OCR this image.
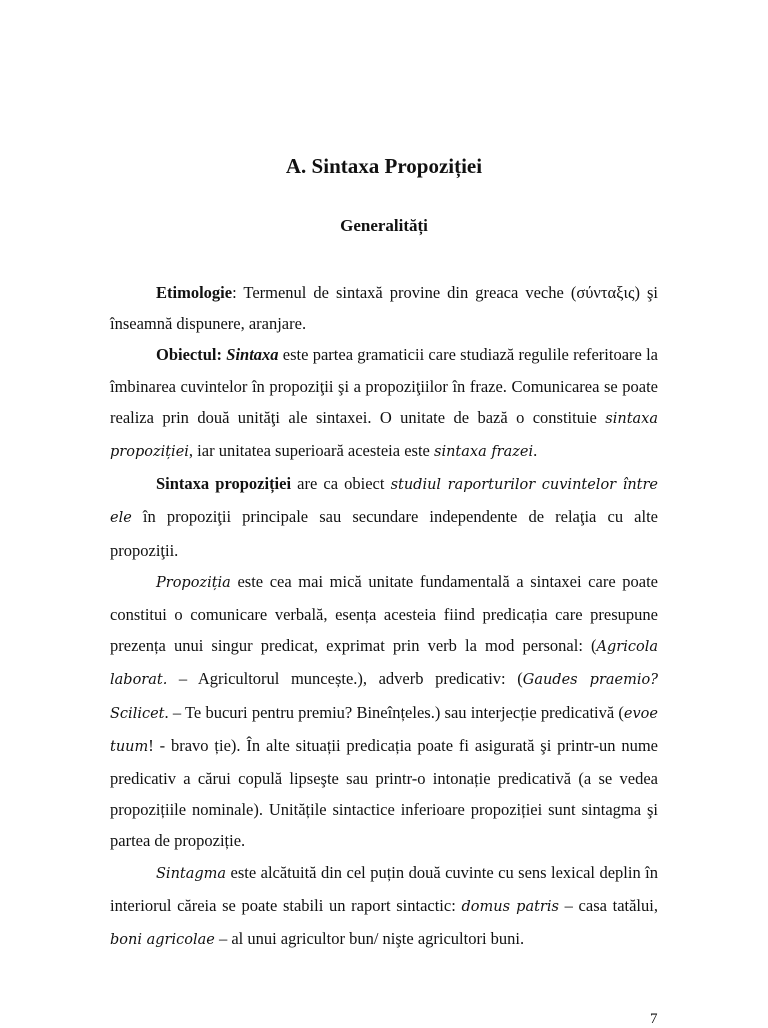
A. Sintaxa Propoziției
Generalități

Etimologie: Termenul de sintaxă provine din greaca veche (σύνταξις) şi înseamnă dispunere, aranjare.

Obiectul: Sintaxa este partea gramaticii care studiază regulile referitoare la îmbinarea cuvintelor în propoziţii şi a propoziţiilor în fraze. Comunicarea se poate realiza prin două unităţi ale sintaxei. O unitate de bază o constituie sintaxa propoziției, iar unitatea superioară acesteia este sintaxa frazei.

Sintaxa propoziției are ca obiect studiul raporturilor cuvintelor între ele în propoziţii principale sau secundare independente de relaţia cu alte propoziţii.

Propoziția este cea mai mică unitate fundamentală a sintaxei care poate constitui o comunicare verbală, esența acesteia fiind predicația care presupune prezența unui singur predicat, exprimat prin verb la mod personal: (Agricola laborat. – Agricultorul muncește.), adverb predicativ: (Gaudes praemio? Scilicet. – Te bucuri pentru premiu? Bineînțeles.) sau interjecție predicativă (evoe tuum! - bravo ție). În alte situații predicația poate fi asigurată şi printr-un nume predicativ a cărui copulă lipseşte sau printr-o intonație predicativă (a se vedea propozițiile nominale). Unitățile sintactice inferioare propoziției sunt sintagma şi partea de propoziție.

Sintagma este alcătuită din cel puțin două cuvinte cu sens lexical deplin în interiorul căreia se poate stabili un raport sintactic: domus patris – casa tatălui, boni agricolae – al unui agricultor bun/ nişte agricultori buni.

7
